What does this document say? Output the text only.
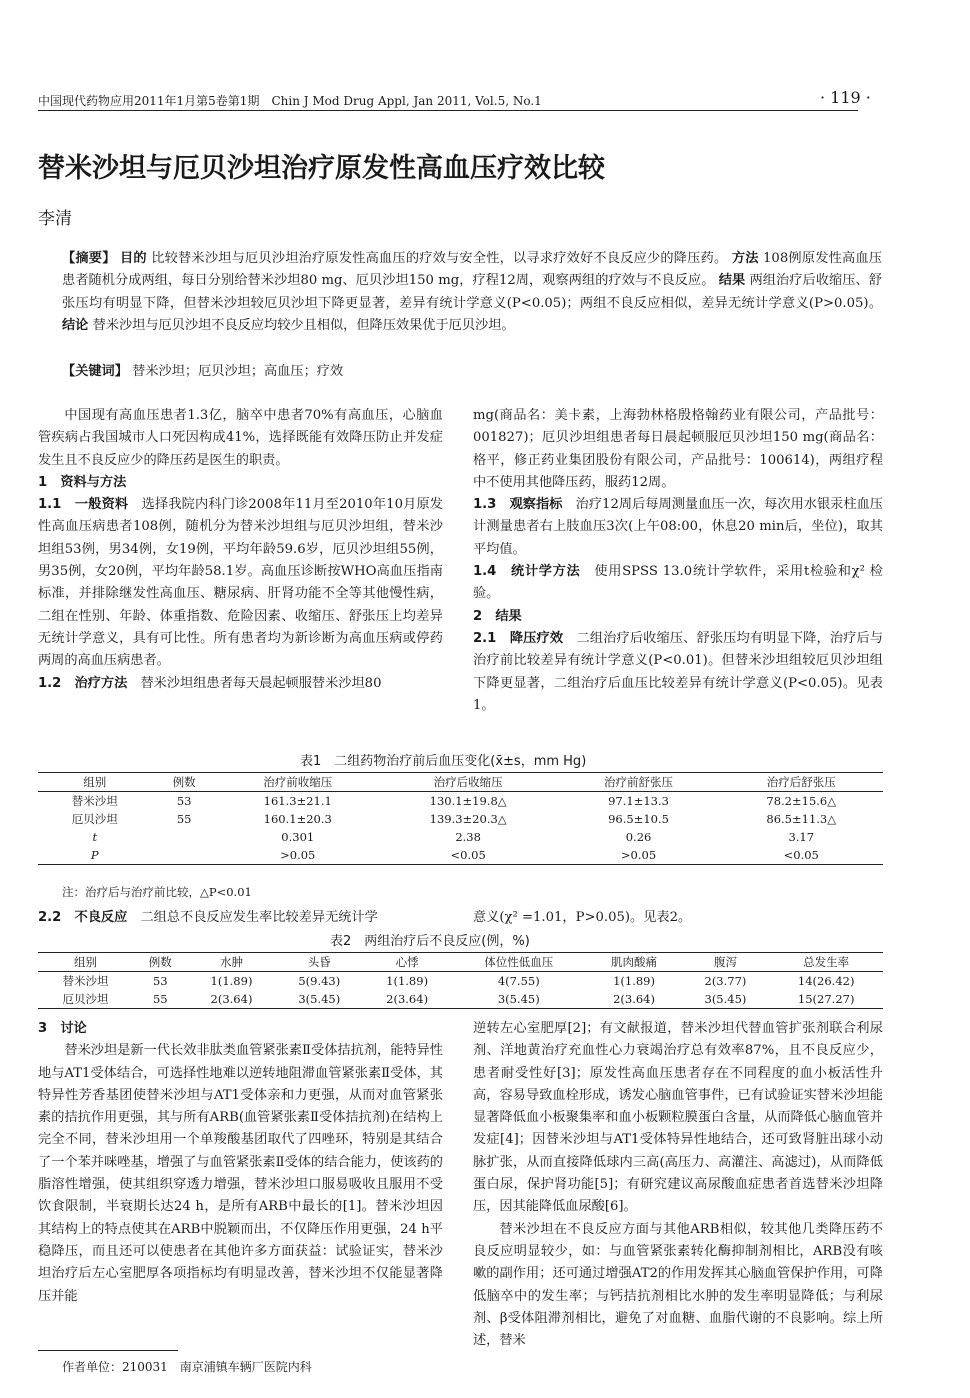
中国现代药物应用2011年1月第5卷第1期　Chin J Mod Drug Appl, Jan 2011, Vol.5, No.1	· 119 ·
替米沙坦与厄贝沙坦治疗原发性高血压疗效比较
李清
【摘要】 目的 比较替米沙坦与厄贝沙坦治疗原发性高血压的疗效与安全性，以寻求疗效好不良反应少的降压药。 方法 108例原发性高血压患者随机分成两组，每日分别给替米沙坦80 mg、厄贝沙坦150 mg，疗程12周，观察两组的疗效与不良反应。 结果 两组治疗后收缩压、舒张压均有明显下降，但替米沙坦较厄贝沙坦下降更显著，差异有统计学意义(P<0.05)；两组不良反应相似，差异无统计学意义(P>0.05)。 结论 替米沙坦与厄贝沙坦不良反应均较少且相似，但降压效果优于厄贝沙坦。
【关键词】 替米沙坦；厄贝沙坦；高血压；疗效

中国现有高血压患者1.3亿，脑卒中患者70%有高血压，心脑血管疾病占我国城市人口死因构成41%，选择既能有效降压防止并发症发生且不良反应少的降压药是医生的职责。

1　资料与方法

1.1　一般资料　 选择我院内科门诊2008年11月至2010年10月原发性高血压病患者108例，随机分为替米沙坦组与厄贝沙坦组，替米沙坦组53例，男34例，女19例，平均年龄59.6岁，厄贝沙坦组55例，男35例，女20例，平均年龄58.1岁。高血压诊断按WHO高血压指南标准，并排除继发性高血压、糖尿病、肝肾功能不全等其他慢性病，二组在性别、年龄、体重指数、危险因素、收缩压、舒张压上均差异无统计学意义，具有可比性。所有患者均为新诊断为高血压病或停药两周的高血压病患者。

1.2　治疗方法　 替米沙坦组患者每天晨起顿服替米沙坦80

mg(商品名：美卡素，上海勃林格殷格翰药业有限公司，产品批号：001827)；厄贝沙坦组患者每日晨起顿服厄贝沙坦150 mg(商品名：格平，修正药业集团股份有限公司，产品批号：100614)，两组疗程中不使用其他降压药，服药12周。

1.3　观察指标　 治疗12周后每周测量血压一次，每次用水银汞柱血压计测量患者右上肢血压3次(上午08:00，休息20 min后，坐位)，取其平均值。

1.4　统计学方法　 使用SPSS 13.0统计学软件，采用t检验和χ² 检验。

2　结果

2.1　降压疗效　 二组治疗后收缩压、舒张压均有明显下降，治疗后与治疗前比较差异有统计学意义(P<0.01)。但替米沙坦组较厄贝沙坦组下降更显著，二组治疗后血压比较差异有统计学意义(P<0.05)。见表1。

表1　二组药物治疗前后血压变化(x̄±s，mm Hg)
组别	例数	治疗前收缩压	治疗后收缩压	治疗前舒张压	治疗后舒张压
替米沙坦	53	161.3±21.1	130.1±19.8△	97.1±13.3	78.2±15.6△
厄贝沙坦	55	160.1±20.3	139.3±20.3△	96.5±10.5	86.5±11.3△
t		0.301	2.38	0.26	3.17
P		>0.05	<0.05	>0.05	<0.05
注：治疗后与治疗前比较，△P<0.01
2.2　不良反应　 二组总不良反应发生率比较差异无统计学	意义(χ² =1.01，P>0.05)。见表2。
表2　两组治疗后不良反应(例，%)
组别	例数	水肿	头昏	心悸	体位性低血压	肌肉酸痛	腹泻	总发生率
替米沙坦	53	1(1.89)	5(9.43)	1(1.89)	4(7.55)	1(1.89)	2(3.77)	14(26.42)
厄贝沙坦	55	2(3.64)	3(5.45)	2(3.64)	3(5.45)	2(3.64)	3(5.45)	15(27.27)

3　讨论

替米沙坦是新一代长效非肽类血管紧张素Ⅱ受体拮抗剂，能特异性地与AT1受体结合，可选择性地难以逆转地阻滞血管紧张素Ⅱ受体，其特异性芳香基团使替米沙坦与AT1受体亲和力更强，从而对血管紧张素的拮抗作用更强，其与所有ARB(血管紧张素Ⅱ受体拮抗剂)在结构上完全不同，替米沙坦用一个单羧酸基团取代了四唑环，特别是其结合了一个苯并咪唑基，增强了与血管紧张素Ⅱ受体的结合能力，使该药的脂溶性增强，使其组织穿透力增强，替米沙坦口服易吸收且服用不受饮食限制，半衰期长达24 h，是所有ARB中最长的[1]。替米沙坦因其结构上的特点使其在ARB中脱颖而出，不仅降压作用更强，24 h平稳降压，而且还可以使患者在其他许多方面获益：试验证实，替米沙坦治疗后左心室肥厚各项指标均有明显改善，替米沙坦不仅能显著降压并能

逆转左心室肥厚[2]；有文献报道，替米沙坦代替血管扩张剂联合利尿剂、洋地黄治疗充血性心力衰竭治疗总有效率87%，且不良反应少，患者耐受性好[3]；原发性高血压患者存在不同程度的血小板活性升高，容易导致血栓形成，诱发心脑血管事件，已有试验证实替米沙坦能显著降低血小板聚集率和血小板颗粒膜蛋白含量，从而降低心脑血管并发症[4]；因替米沙坦与AT1受体特异性地结合，还可致肾脏出球小动脉扩张，从而直接降低球内三高(高压力、高灌注、高滤过)，从而降低蛋白尿，保护肾功能[5]；有研究建议高尿酸血症患者首选替米沙坦降压，因其能降低血尿酸[6]。

替米沙坦在不良反应方面与其他ARB相似，较其他几类降压药不良反应明显较少，如：与血管紧张素转化酶抑制剂相比，ARB没有咳嗽的副作用；还可通过增强AT2的作用发挥其心脑血管保护作用，可降低脑卒中的发生率；与钙拮抗剂相比水肿的发生率明显降低；与利尿剂、β受体阻滞剂相比，避免了对血糖、血脂代谢的不良影响。综上所述，替米

作者单位：210031　南京浦镇车辆厂医院内科
